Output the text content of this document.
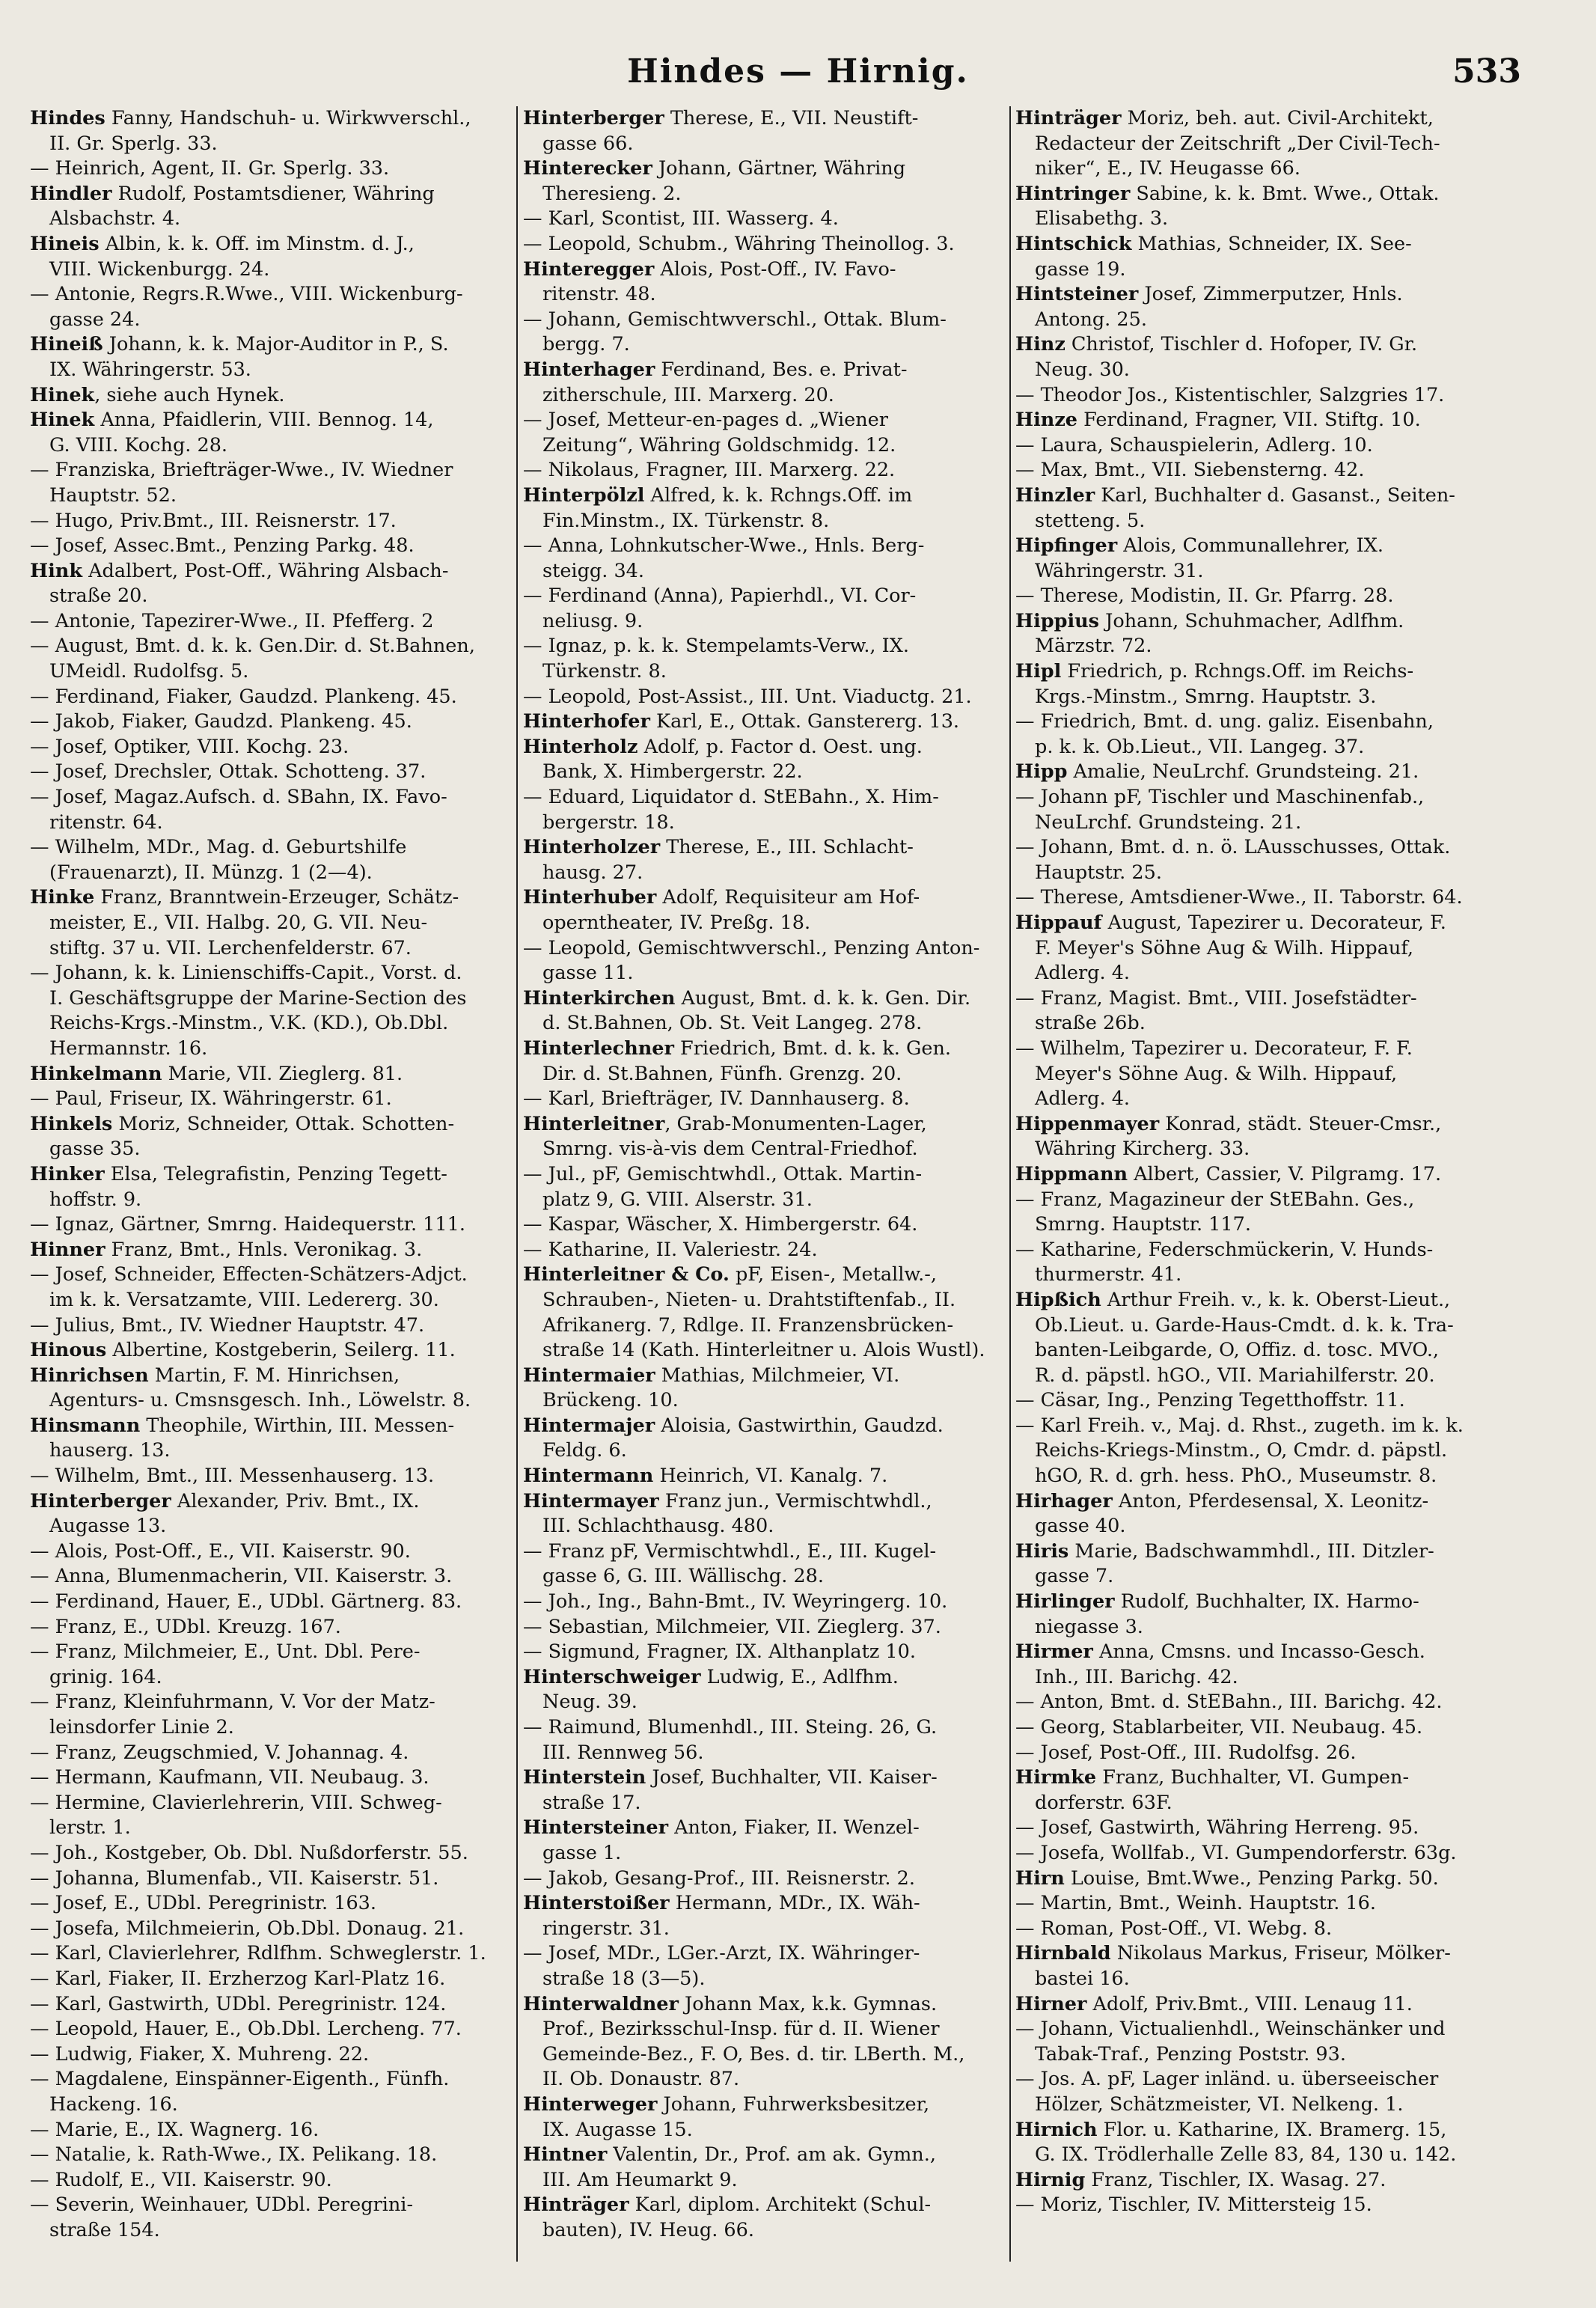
Hindes — Hirnig.	533
Hindes Fanny, Handschuh- u. Wirkwverschl.,
II. Gr. Sperlg. 33.
— Heinrich, Agent, II. Gr. Sperlg. 33.
Hindler Rudolf, Postamtsdiener, Währing
Alsbachstr. 4.
Hineis Albin, k. k. Off. im Minstm. d. J.,
VIII. Wickenburgg. 24.
— Antonie, Regrs.R.Wwe., VIII. Wickenburg-
gasse 24.
Hineiß Johann, k. k. Major-Auditor in P., S.
IX. Währingerstr. 53.
Hinek, siehe auch Hynek.
Hinek Anna, Pfaidlerin, VIII. Bennog. 14,
G. VIII. Kochg. 28.
— Franziska, Briefträger-Wwe., IV. Wiedner
Hauptstr. 52.
— Hugo, Priv.Bmt., III. Reisnerstr. 17.
— Josef, Assec.Bmt., Penzing Parkg. 48.
Hink Adalbert, Post-Off., Währing Alsbach-
straße 20.
— Antonie, Tapezirer-Wwe., II. Pfefferg. 2
— August, Bmt. d. k. k. Gen.Dir. d. St.Bahnen,
UMeidl. Rudolfsg. 5.
— Ferdinand, Fiaker, Gaudzd. Plankeng. 45.
— Jakob, Fiaker, Gaudzd. Plankeng. 45.
— Josef, Optiker, VIII. Kochg. 23.
— Josef, Drechsler, Ottak. Schotteng. 37.
— Josef, Magaz.Aufsch. d. SBahn, IX. Favo-
ritenstr. 64.
— Wilhelm, MDr., Mag. d. Geburtshilfe
(Frauenarzt), II. Münzg. 1 (2—4).
Hinke Franz, Branntwein-Erzeuger, Schätz-
meister, E., VII. Halbg. 20, G. VII. Neu-
stiftg. 37 u. VII. Lerchenfelderstr. 67.
— Johann, k. k. Linienschiffs-Capit., Vorst. d.
I. Geschäftsgruppe der Marine-Section des
Reichs-Krgs.-Minstm., V.K. (KD.), Ob.Dbl.
Hermannstr. 16.
Hinkelmann Marie, VII. Zieglerg. 81.
— Paul, Friseur, IX. Währingerstr. 61.
Hinkels Moriz, Schneider, Ottak. Schotten-
gasse 35.
Hinker Elsa, Telegrafistin, Penzing Tegett-
hoffstr. 9.
— Ignaz, Gärtner, Smrng. Haidequerstr. 111.
Hinner Franz, Bmt., Hnls. Veronikag. 3.
— Josef, Schneider, Effecten-Schätzers-Adjct.
im k. k. Versatzamte, VIII. Ledererg. 30.
— Julius, Bmt., IV. Wiedner Hauptstr. 47.
Hinous Albertine, Kostgeberin, Seilerg. 11.
Hinrichsen Martin, F. M. Hinrichsen,
Agenturs- u. Cmsnsgesch. Inh., Löwelstr. 8.
Hinsmann Theophile, Wirthin, III. Messen-
hauserg. 13.
— Wilhelm, Bmt., III. Messenhauserg. 13.
Hinterberger Alexander, Priv. Bmt., IX.
Augasse 13.
— Alois, Post-Off., E., VII. Kaiserstr. 90.
— Anna, Blumenmacherin, VII. Kaiserstr. 3.
— Ferdinand, Hauer, E., UDbl. Gärtnerg. 83.
— Franz, E., UDbl. Kreuzg. 167.
— Franz, Milchmeier, E., Unt. Dbl. Pere-
grinig. 164.
— Franz, Kleinfuhrmann, V. Vor der Matz-
leinsdorfer Linie 2.
— Franz, Zeugschmied, V. Johannag. 4.
— Hermann, Kaufmann, VII. Neubaug. 3.
— Hermine, Clavierlehrerin, VIII. Schweg-
lerstr. 1.
— Joh., Kostgeber, Ob. Dbl. Nußdorferstr. 55.
— Johanna, Blumenfab., VII. Kaiserstr. 51.
— Josef, E., UDbl. Peregrinistr. 163.
— Josefa, Milchmeierin, Ob.Dbl. Donaug. 21.
— Karl, Clavierlehrer, Rdlfhm. Schweglerstr. 1.
— Karl, Fiaker, II. Erzherzog Karl-Platz 16.
— Karl, Gastwirth, UDbl. Peregrinistr. 124.
— Leopold, Hauer, E., Ob.Dbl. Lercheng. 77.
— Ludwig, Fiaker, X. Muhreng. 22.
— Magdalene, Einspänner-Eigenth., Fünfh.
Hackeng. 16.
— Marie, E., IX. Wagnerg. 16.
— Natalie, k. Rath-Wwe., IX. Pelikang. 18.
— Rudolf, E., VII. Kaiserstr. 90.
— Severin, Weinhauer, UDbl. Peregrini-
straße 154.
Hinterberger Therese, E., VII. Neustift-
gasse 66.
Hinterecker Johann, Gärtner, Währing
Theresieng. 2.
— Karl, Scontist, III. Wasserg. 4.
— Leopold, Schubm., Währing Theinollog. 3.
Hinteregger Alois, Post-Off., IV. Favo-
ritenstr. 48.
— Johann, Gemischtwverschl., Ottak. Blum-
bergg. 7.
Hinterhager Ferdinand, Bes. e. Privat-
zitherschule, III. Marxerg. 20.
— Josef, Metteur-en-pages d. „Wiener
Zeitung“, Währing Goldschmidg. 12.
— Nikolaus, Fragner, III. Marxerg. 22.
Hinterpölzl Alfred, k. k. Rchngs.Off. im
Fin.Minstm., IX. Türkenstr. 8.
— Anna, Lohnkutscher-Wwe., Hnls. Berg-
steigg. 34.
— Ferdinand (Anna), Papierhdl., VI. Cor-
neliusg. 9.
— Ignaz, p. k. k. Stempelamts-Verw., IX.
Türkenstr. 8.
— Leopold, Post-Assist., III. Unt. Viaductg. 21.
Hinterhofer Karl, E., Ottak. Ganstererg. 13.
Hinterholz Adolf, p. Factor d. Oest. ung.
Bank, X. Himbergerstr. 22.
— Eduard, Liquidator d. StEBahn., X. Him-
bergerstr. 18.
Hinterholzer Therese, E., III. Schlacht-
hausg. 27.
Hinterhuber Adolf, Requisiteur am Hof-
operntheater, IV. Preßg. 18.
— Leopold, Gemischtwverschl., Penzing Anton-
gasse 11.
Hinterkirchen August, Bmt. d. k. k. Gen. Dir.
d. St.Bahnen, Ob. St. Veit Langeg. 278.
Hinterlechner Friedrich, Bmt. d. k. k. Gen.
Dir. d. St.Bahnen, Fünfh. Grenzg. 20.
— Karl, Briefträger, IV. Dannhauserg. 8.
Hinterleitner, Grab-Monumenten-Lager,
Smrng. vis-à-vis dem Central-Friedhof.
— Jul., pF, Gemischtwhdl., Ottak. Martin-
platz 9, G. VIII. Alserstr. 31.
— Kaspar, Wäscher, X. Himbergerstr. 64.
— Katharine, II. Valeriestr. 24.
Hinterleitner & Co. pF, Eisen-, Metallw.-,
Schrauben-, Nieten- u. Drahtstiftenfab., II.
Afrikanerg. 7, Rdlge. II. Franzensbrücken-
straße 14 (Kath. Hinterleitner u. Alois Wustl).
Hintermaier Mathias, Milchmeier, VI.
Brückeng. 10.
Hintermajer Aloisia, Gastwirthin, Gaudzd.
Feldg. 6.
Hintermann Heinrich, VI. Kanalg. 7.
Hintermayer Franz jun., Vermischtwhdl.,
III. Schlachthausg. 480.
— Franz pF, Vermischtwhdl., E., III. Kugel-
gasse 6, G. III. Wällischg. 28.
— Joh., Ing., Bahn-Bmt., IV. Weyringerg. 10.
— Sebastian, Milchmeier, VII. Zieglerg. 37.
— Sigmund, Fragner, IX. Althanplatz 10.
Hinterschweiger Ludwig, E., Adlfhm.
Neug. 39.
— Raimund, Blumenhdl., III. Steing. 26, G.
III. Rennweg 56.
Hinterstein Josef, Buchhalter, VII. Kaiser-
straße 17.
Hintersteiner Anton, Fiaker, II. Wenzel-
gasse 1.
— Jakob, Gesang-Prof., III. Reisnerstr. 2.
Hinterstoißer Hermann, MDr., IX. Wäh-
ringerstr. 31.
— Josef, MDr., LGer.-Arzt, IX. Währinger-
straße 18 (3—5).
Hinterwaldner Johann Max, k.k. Gymnas.
Prof., Bezirksschul-Insp. für d. II. Wiener
Gemeinde-Bez., F. O, Bes. d. tir. LBerth. M.,
II. Ob. Donaustr. 87.
Hinterweger Johann, Fuhrwerksbesitzer,
IX. Augasse 15.
Hintner Valentin, Dr., Prof. am ak. Gymn.,
III. Am Heumarkt 9.
Hinträger Karl, diplom. Architekt (Schul-
bauten), IV. Heug. 66.
Hinträger Moriz, beh. aut. Civil-Architekt,
Redacteur der Zeitschrift „Der Civil-Tech-
niker“, E., IV. Heugasse 66.
Hintringer Sabine, k. k. Bmt. Wwe., Ottak.
Elisabethg. 3.
Hintschick Mathias, Schneider, IX. See-
gasse 19.
Hintsteiner Josef, Zimmerputzer, Hnls.
Antong. 25.
Hinz Christof, Tischler d. Hofoper, IV. Gr.
Neug. 30.
— Theodor Jos., Kistentischler, Salzgries 17.
Hinze Ferdinand, Fragner, VII. Stiftg. 10.
— Laura, Schauspielerin, Adlerg. 10.
— Max, Bmt., VII. Siebensterng. 42.
Hinzler Karl, Buchhalter d. Gasanst., Seiten-
stetteng. 5.
Hipfinger Alois, Communallehrer, IX.
Währingerstr. 31.
— Therese, Modistin, II. Gr. Pfarrg. 28.
Hippius Johann, Schuhmacher, Adlfhm.
Märzstr. 72.
Hipl Friedrich, p. Rchngs.Off. im Reichs-
Krgs.-Minstm., Smrng. Hauptstr. 3.
— Friedrich, Bmt. d. ung. galiz. Eisenbahn,
p. k. k. Ob.Lieut., VII. Langeg. 37.
Hipp Amalie, NeuLrchf. Grundsteing. 21.
— Johann pF, Tischler und Maschinenfab.,
NeuLrchf. Grundsteing. 21.
— Johann, Bmt. d. n. ö. LAusschusses, Ottak.
Hauptstr. 25.
— Therese, Amtsdiener-Wwe., II. Taborstr. 64.
Hippauf August, Tapezirer u. Decorateur, F.
F. Meyer's Söhne Aug & Wilh. Hippauf,
Adlerg. 4.
— Franz, Magist. Bmt., VIII. Josefstädter-
straße 26b.
— Wilhelm, Tapezirer u. Decorateur, F. F.
Meyer's Söhne Aug. & Wilh. Hippauf,
Adlerg. 4.
Hippenmayer Konrad, städt. Steuer-Cmsr.,
Währing Kircherg. 33.
Hippmann Albert, Cassier, V. Pilgramg. 17.
— Franz, Magazineur der StEBahn. Ges.,
Smrng. Hauptstr. 117.
— Katharine, Federschmückerin, V. Hunds-
thurmerstr. 41.
Hipßich Arthur Freih. v., k. k. Oberst-Lieut.,
Ob.Lieut. u. Garde-Haus-Cmdt. d. k. k. Tra-
banten-Leibgarde, O, Offiz. d. tosc. MVO.,
R. d. päpstl. hGO., VII. Mariahilferstr. 20.
— Cäsar, Ing., Penzing Tegetthoffstr. 11.
— Karl Freih. v., Maj. d. Rhst., zugeth. im k. k.
Reichs-Kriegs-Minstm., O, Cmdr. d. päpstl.
hGO, R. d. grh. hess. PhO., Museumstr. 8.
Hirhager Anton, Pferdesensal, X. Leonitz-
gasse 40.
Hiris Marie, Badschwammhdl., III. Ditzler-
gasse 7.
Hirlinger Rudolf, Buchhalter, IX. Harmo-
niegasse 3.
Hirmer Anna, Cmsns. und Incasso-Gesch.
Inh., III. Barichg. 42.
— Anton, Bmt. d. StEBahn., III. Barichg. 42.
— Georg, Stablarbeiter, VII. Neubaug. 45.
— Josef, Post-Off., III. Rudolfsg. 26.
Hirmke Franz, Buchhalter, VI. Gumpen-
dorferstr. 63F.
— Josef, Gastwirth, Währing Herreng. 95.
— Josefa, Wollfab., VI. Gumpendorferstr. 63g.
Hirn Louise, Bmt.Wwe., Penzing Parkg. 50.
— Martin, Bmt., Weinh. Hauptstr. 16.
— Roman, Post-Off., VI. Webg. 8.
Hirnbald Nikolaus Markus, Friseur, Mölker-
bastei 16.
Hirner Adolf, Priv.Bmt., VIII. Lenaug 11.
— Johann, Victualienhdl., Weinschänker und
Tabak-Traf., Penzing Poststr. 93.
— Jos. A. pF, Lager inländ. u. überseeischer
Hölzer, Schätzmeister, VI. Nelkeng. 1.
Hirnich Flor. u. Katharine, IX. Bramerg. 15,
G. IX. Trödlerhalle Zelle 83, 84, 130 u. 142.
Hirnig Franz, Tischler, IX. Wasag. 27.
— Moriz, Tischler, IV. Mittersteig 15.
